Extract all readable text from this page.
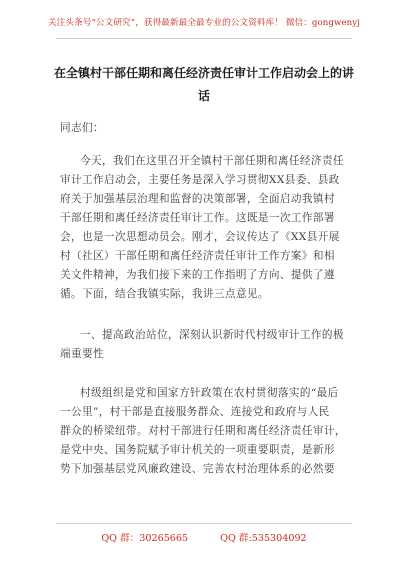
关注头条号“公文研究”，获得最新最全最专业的公文资料库！ 微信：gongwenyj
在全镇村干部任期和离任经济责任审计工作启动会上的讲
话
同志们：
今天，我们在这里召开全镇村干部任期和离任经济责任
审计工作启动会，主要任务是深入学习贯彻XX县委、县政
府关于加强基层治理和监督的决策部署，全面启动我镇村
干部任期和离任经济责任审计工作。这既是一次工作部署
会，也是一次思想动员会。刚才，会议传达了《XX县开展
村（社区）干部任期和离任经济责任审计工作方案》和相
关文件精神，为我们接下来的工作指明了方向、提供了遵
循。下面，结合我镇实际，我讲三点意见。
一、提高政治站位，深刻认识新时代村级审计工作的极
端重要性
村级组织是党和国家方针政策在农村贯彻落实的“最后
一公里”，村干部是直接服务群众、连接党和政府与人民
群众的桥梁纽带。对村干部进行任期和离任经济责任审计，
是党中央、国务院赋予审计机关的一项重要职责，是新形
势下加强基层党风廉政建设、完善农村治理体系的必然要
QQ 群：30265665	QQ 群:535304092
